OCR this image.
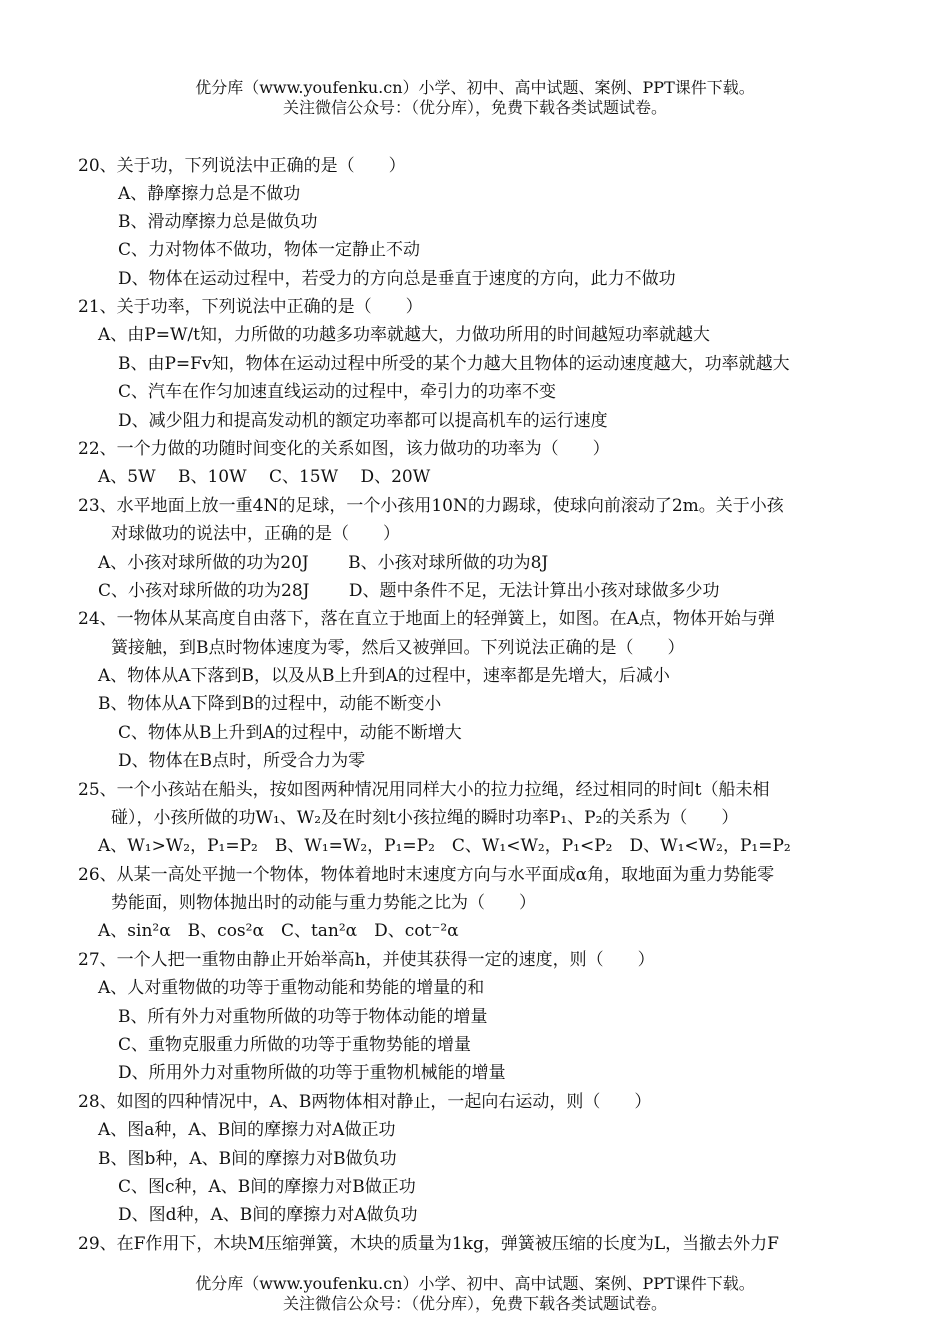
优分库（www.youfenku.cn）小学、初中、高中试题、案例、PPT课件下载。
关注微信公众号：（优分库），免费下载各类试题试卷。
20、关于功，下列说法中正确的是（　　）
A、静摩擦力总是不做功
B、滑动摩擦力总是做负功
C、力对物体不做功，物体一定静止不动
D、物体在运动过程中，若受力的方向总是垂直于速度的方向，此力不做功
21、关于功率，下列说法中正确的是（　　）
A、由P=W/t知，力所做的功越多功率就越大，力做功所用的时间越短功率就越大
B、由P=Fv知，物体在运动过程中所受的某个力越大且物体的运动速度越大，功率就越大
C、汽车在作匀加速直线运动的过程中，牵引力的功率不变
D、减少阻力和提高发动机的额定功率都可以提高机车的运行速度
22、一个力做的功随时间变化的关系如图，该力做功的功率为（　　）
A、5W　 B、10W　 C、15W　 D、20W
23、水平地面上放一重4N的足球，一个小孩用10N的力踢球，使球向前滚动了2m。关于小孩
对球做功的说法中，正确的是（　　）
A、小孩对球所做的功为20J　　 B、小孩对球所做的功为8J
C、小孩对球所做的功为28J　　 D、题中条件不足，无法计算出小孩对球做多少功
24、一物体从某高度自由落下，落在直立于地面上的轻弹簧上，如图。在A点，物体开始与弹
簧接触，到B点时物体速度为零，然后又被弹回。下列说法正确的是（　　）
A、物体从A下落到B，以及从B上升到A的过程中，速率都是先增大，后减小
B、物体从A下降到B的过程中，动能不断变小
C、物体从B上升到A的过程中，动能不断增大
D、物体在B点时，所受合力为零
25、一个小孩站在船头，按如图两种情况用同样大小的拉力拉绳，经过相同的时间t（船未相
碰），小孩所做的功W₁、W₂及在时刻t小孩拉绳的瞬时功率P₁、P₂的关系为（　　）
A、W₁>W₂，P₁=P₂　B、W₁=W₂，P₁=P₂　C、W₁<W₂，P₁<P₂　D、W₁<W₂，P₁=P₂
26、从某一高处平抛一个物体，物体着地时末速度方向与水平面成α角，取地面为重力势能零
势能面，则物体抛出时的动能与重力势能之比为（　　）
A、sin²α　B、cos²α　C、tan²α　D、cot⁻²α
27、一个人把一重物由静止开始举高h，并使其获得一定的速度，则（　　）
A、人对重物做的功等于重物动能和势能的增量的和
B、所有外力对重物所做的功等于物体动能的增量
C、重物克服重力所做的功等于重物势能的增量
D、所用外力对重物所做的功等于重物机械能的增量
28、如图的四种情况中，A、B两物体相对静止，一起向右运动，则（　　）
A、图a种，A、B间的摩擦力对A做正功
B、图b种，A、B间的摩擦力对B做负功
C、图c种，A、B间的摩擦力对B做正功
D、图d种，A、B间的摩擦力对A做负功
29、在F作用下，木块M压缩弹簧，木块的质量为1kg，弹簧被压缩的长度为L，当撤去外力F
优分库（www.youfenku.cn）小学、初中、高中试题、案例、PPT课件下载。
关注微信公众号：（优分库），免费下载各类试题试卷。
